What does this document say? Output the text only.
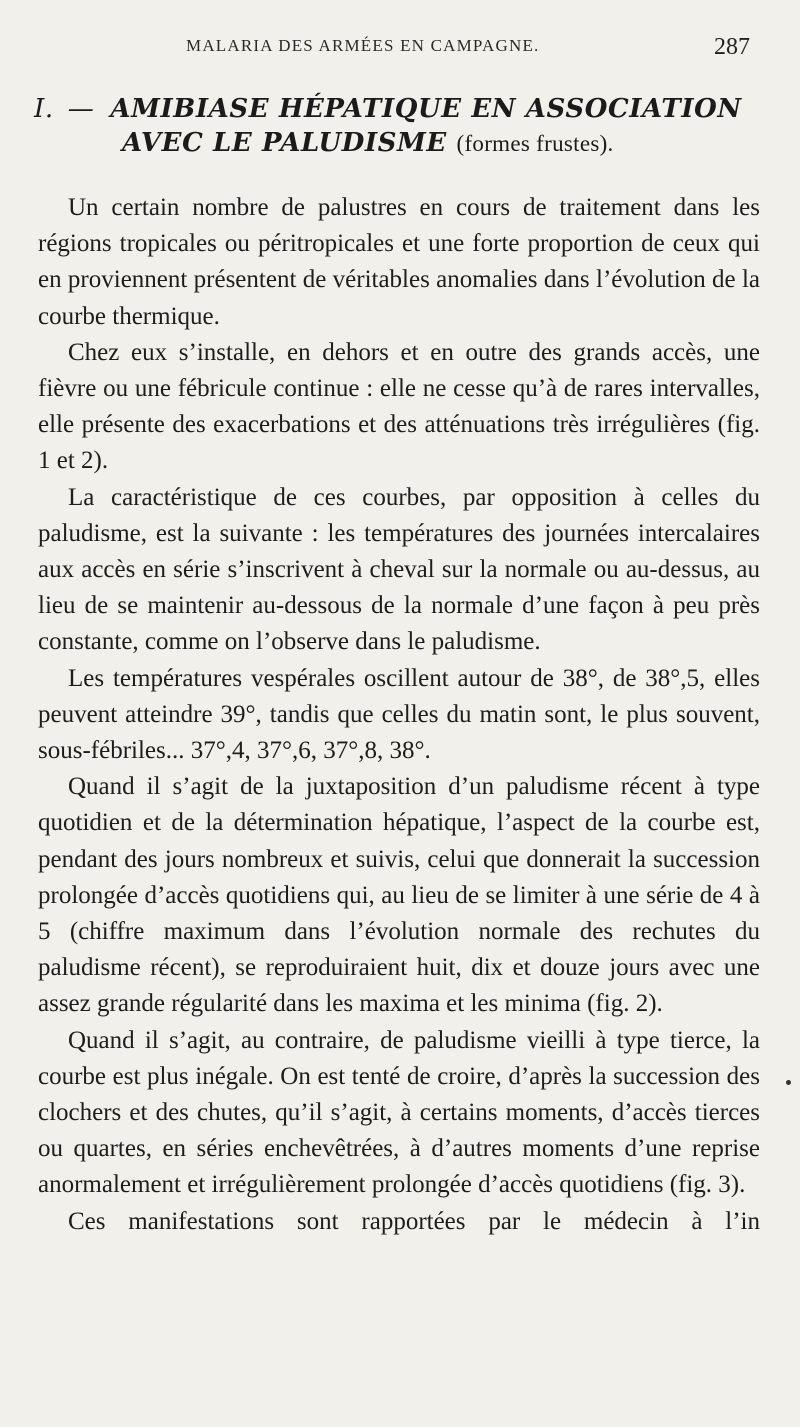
MALARIA DES ARMÉES EN CAMPAGNE.	287
I. — AMIBIASE HÉPATIQUE EN ASSOCIATION
AVEC LE PALUDISME (formes frustes).

Un certain nombre de palustres en cours de traitement dans les régions tropicales ou péritropicales et une forte proportion de ceux qui en proviennent présentent de véritables anomalies dans l’évolution de la courbe thermique.

Chez eux s’installe, en dehors et en outre des grands accès, une fièvre ou une fébricule continue : elle ne cesse qu’à de rares intervalles, elle présente des exacerbations et des atténuations très irrégulières (fig. 1 et 2).

La caractéristique de ces courbes, par opposition à celles du paludisme, est la suivante : les températures des journées intercalaires aux accès en série s’inscrivent à cheval sur la normale ou au-dessus, au lieu de se maintenir au-dessous de la normale d’une façon à peu près constante, comme on l’observe dans le paludisme.

Les températures vespérales oscillent autour de 38°, de 38°,5, elles peuvent atteindre 39°, tandis que celles du matin sont, le plus souvent, sous-fébriles... 37°,4, 37°,6, 37°,8, 38°.

Quand il s’agit de la juxtaposition d’un paludisme récent à type quotidien et de la détermination hépatique, l’aspect de la courbe est, pendant des jours nombreux et suivis, celui que donnerait la succession prolongée d’accès quotidiens qui, au lieu de se limiter à une série de 4 à 5 (chiffre maximum dans l’évolution normale des rechutes du paludisme récent), se reproduiraient huit, dix et douze jours avec une assez grande régularité dans les maxima et les minima (fig. 2).

Quand il s’agit, au contraire, de paludisme vieilli à type tierce, la courbe est plus inégale. On est tenté de croire, d’après la succession des clochers et des chutes, qu’il s’agit, à certains moments, d’accès tierces ou quartes, en séries enchevêtrées, à d’autres moments d’une reprise anormalement et irrégulièrement prolongée d’accès quotidiens (fig. 3).

Ces manifestations sont rapportées par le médecin à l’in
